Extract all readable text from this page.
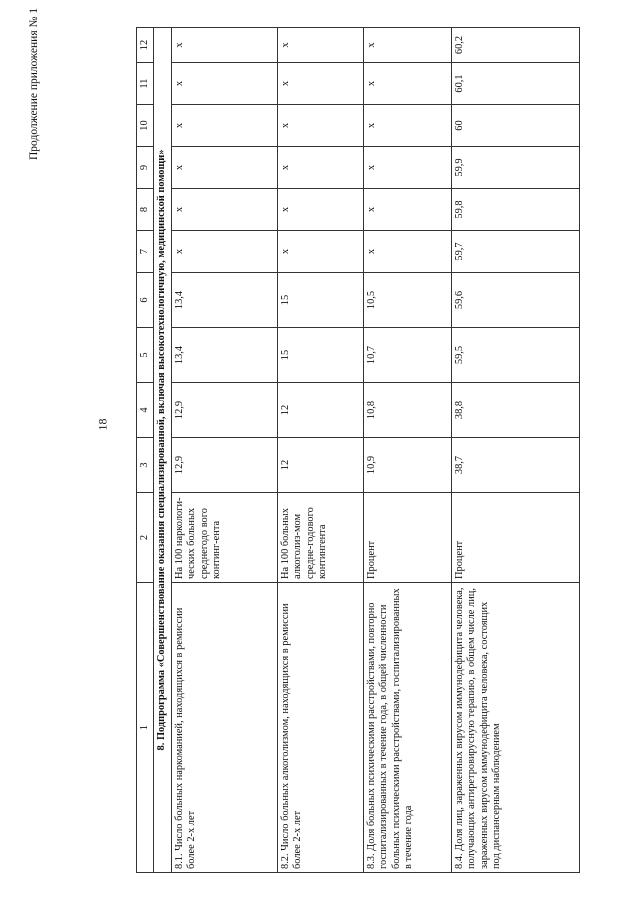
18
Продолжение приложения № 1
1	2	3	4	5	6	7	8	9	10	11	12
8. Подпрограмма «Совершенствование оказания специализированной, включая высокотехнологичную, медицинской помощи»											
8.1. Число больных наркоманией, находящихся в ремиссии более 2-х лет	На 100 наркологи-ческих больных среднегодо вого континг-ента	12,9	12,9	13,4	13,4	x	x	x	x	x	x
8.2. Число больных алкоголизмом, находящихся в ремиссии более 2-х лет	На 100 больных алкоголиз-мом средне-годового контингента	12	12	15	15	x	x	x	x	x	x
8.3. Доля больных психическими расстройствами, повторно госпитализированных в течение года, в общей численности больных психическими расстройствами, госпитализированных в течение года	Процент	10,9	10,8	10,7	10,5	x	x	x	x	x	x
8.4. Доля лиц, зараженных вирусом иммунодефицита человека, получающих антиретровирусную терапию, в общем числе лиц, зараженных вирусом иммунодефицита человека, состоящих под диспансерным наблюдением	Процент	38,7	38,8	59,5	59,6	59,7	59,8	59,9	60	60,1	60,2
